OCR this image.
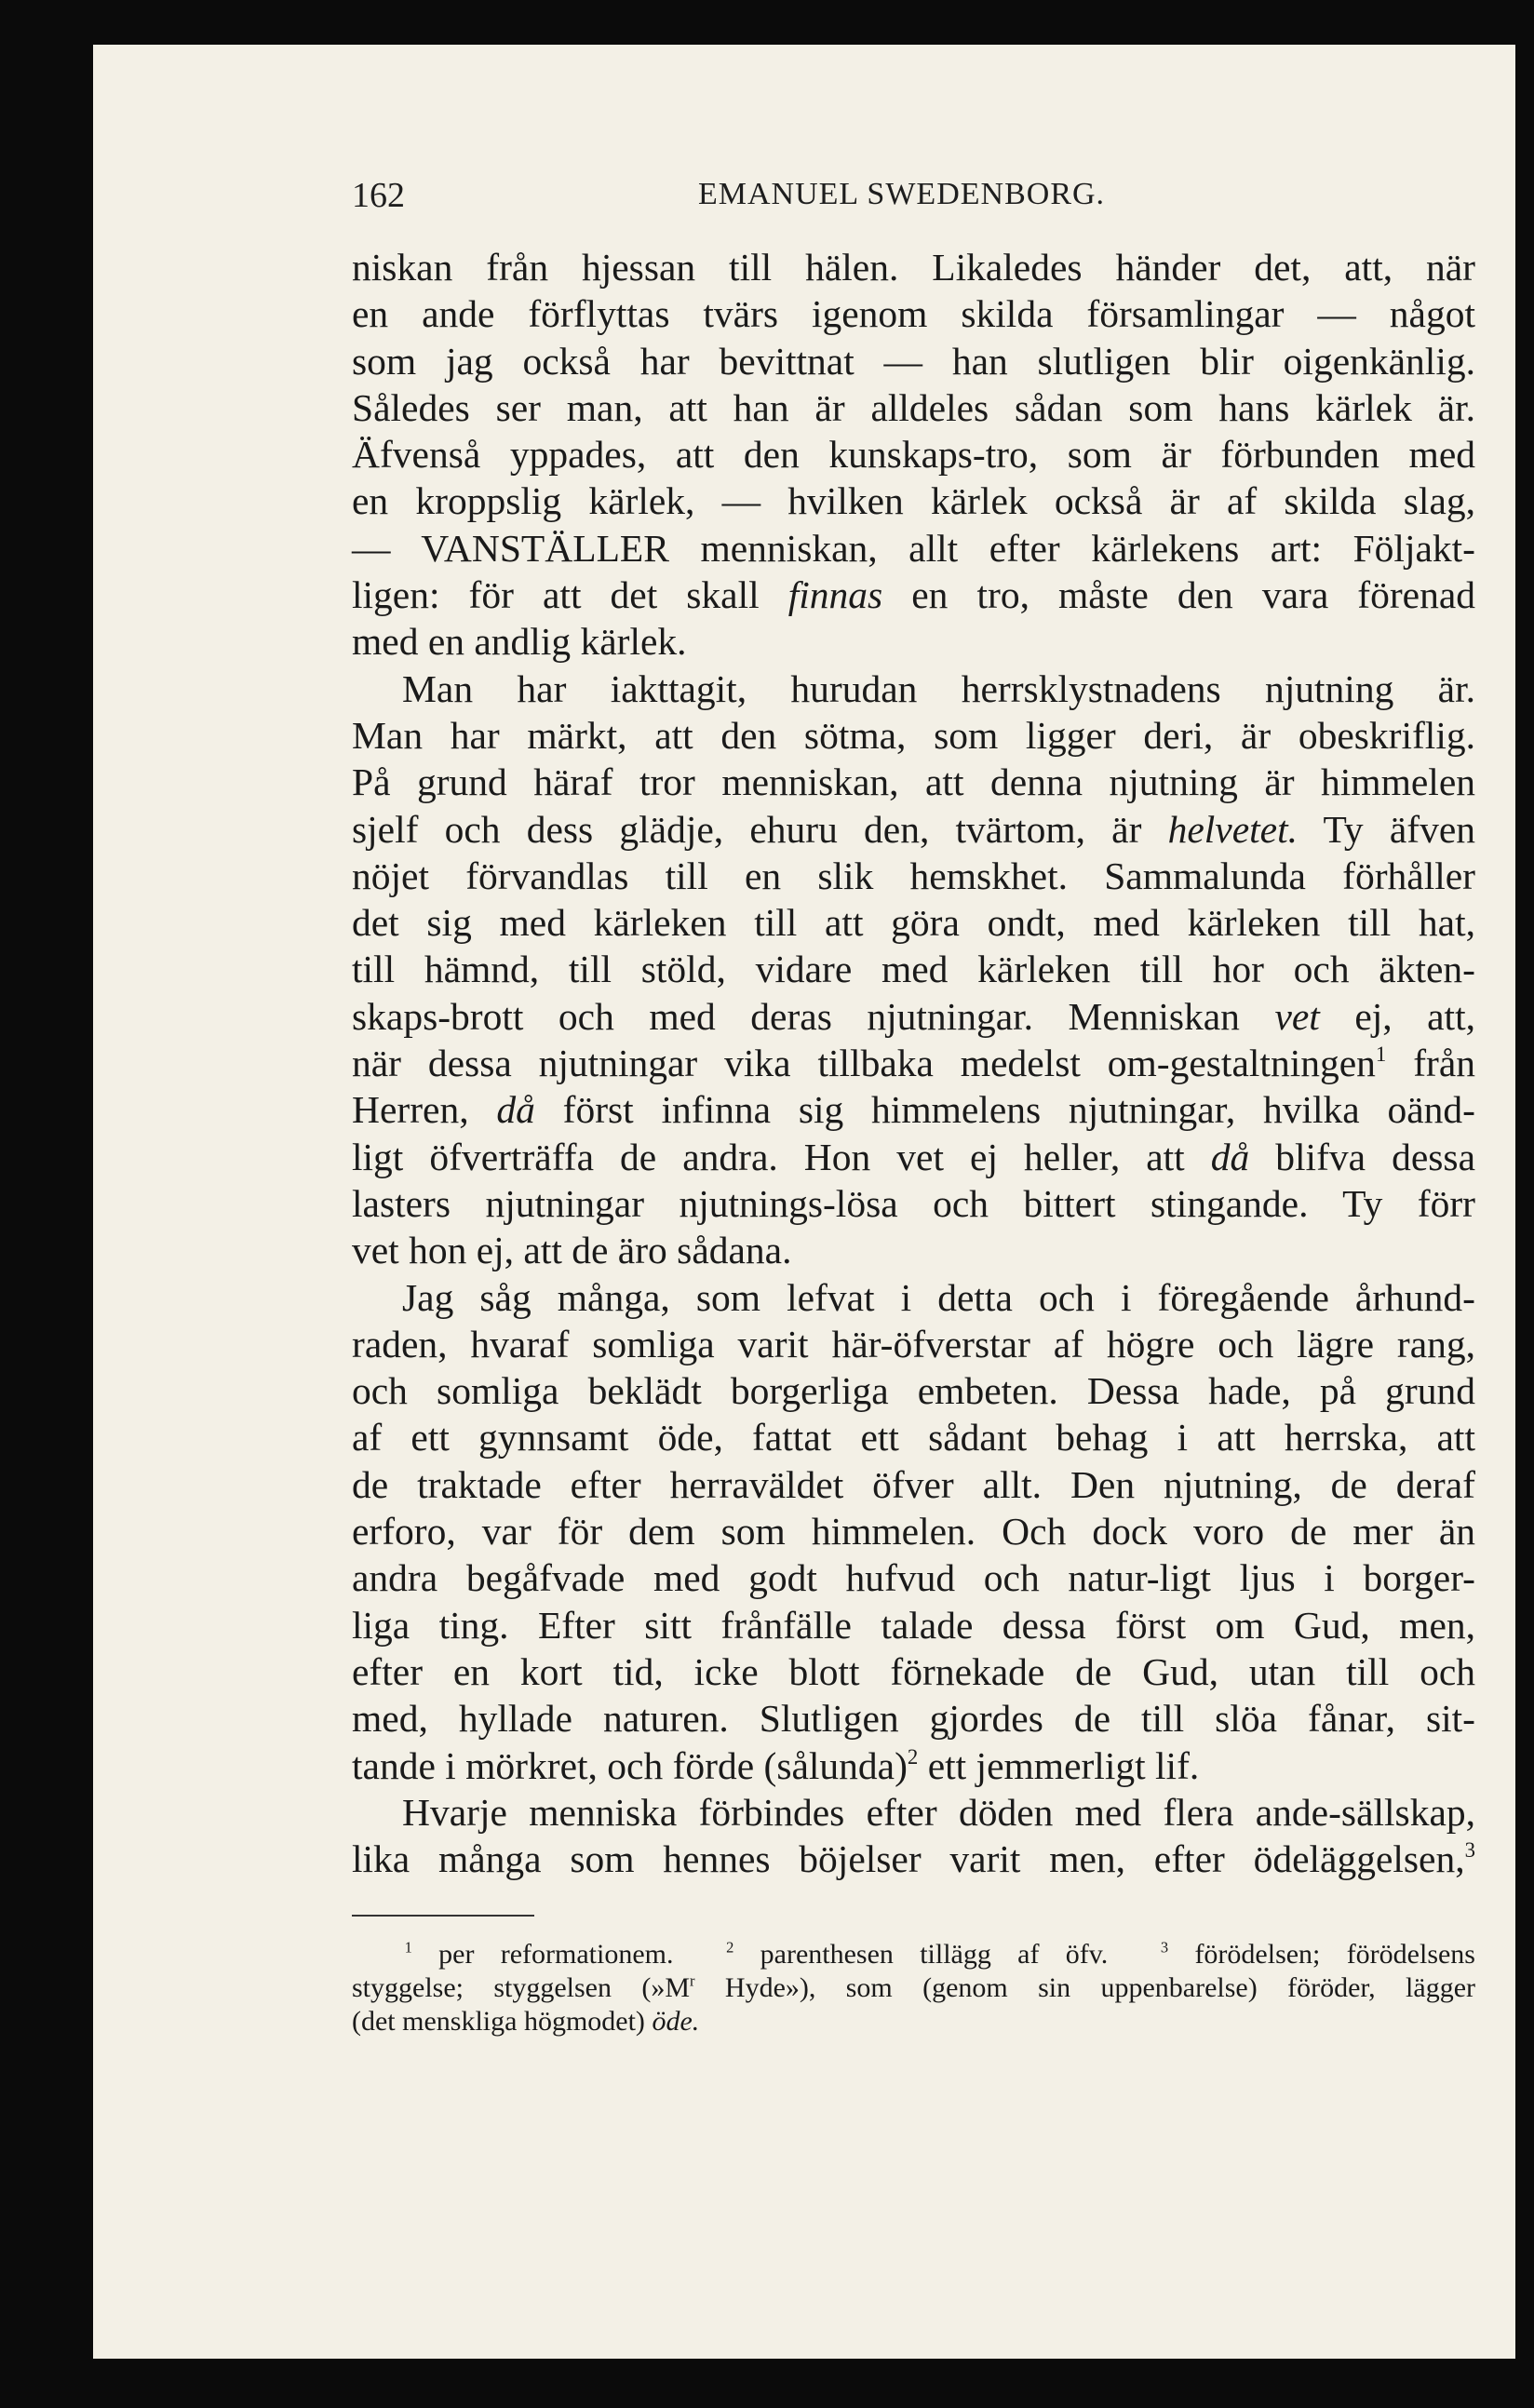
162	EMANUEL SWEDENBORG.
niskan från hjessan till hälen. Likaledes händer det, att, när
en ande förflyttas tvärs igenom skilda församlingar — något
som jag också har bevittnat — han slutligen blir oigenkänlig.
Således ser man, att han är alldeles sådan som hans kärlek är.
Äfvenså yppades, att den kunskaps-tro, som är förbunden med
en kroppslig kärlek, — hvilken kärlek också är af skilda slag,
— VANSTÄLLER menniskan, allt efter kärlekens art: Följakt-
ligen: för att det skall finnas en tro, måste den vara förenad
med en andlig kärlek.
Man har iakttagit, hurudan herrsklystnadens njutning är.
Man har märkt, att den sötma, som ligger deri, är obeskriflig.
På grund häraf tror menniskan, att denna njutning är himmelen
sjelf och dess glädje, ehuru den, tvärtom, är helvetet. Ty äfven
nöjet förvandlas till en slik hemskhet. Sammalunda förhåller
det sig med kärleken till att göra ondt, med kärleken till hat,
till hämnd, till stöld, vidare med kärleken till hor och äkten-
skaps-brott och med deras njutningar. Menniskan vet ej, att,
när dessa njutningar vika tillbaka medelst om-gestaltningen$^1$ från
Herren, då först infinna sig himmelens njutningar, hvilka oänd-
ligt öfverträffa de andra. Hon vet ej heller, att då blifva dessa
lasters njutningar njutnings-lösa och bittert stingande. Ty förr
vet hon ej, att de äro sådana.
Jag såg många, som lefvat i detta och i föregående århund-
raden, hvaraf somliga varit här-öfverstar af högre och lägre rang,
och somliga beklädt borgerliga embeten. Dessa hade, på grund
af ett gynnsamt öde, fattat ett sådant behag i att herrska, att
de traktade efter herraväldet öfver allt. Den njutning, de deraf
erforo, var för dem som himmelen. Och dock voro de mer än
andra begåfvade med godt hufvud och natur-ligt ljus i borger-
liga ting. Efter sitt frånfälle talade dessa först om Gud, men,
efter en kort tid, icke blott förnekade de Gud, utan till och
med, hyllade naturen. Slutligen gjordes de till slöa fånar, sit-
tande i mörkret, och förde (sålunda)$^2$ ett jemmerligt lif.
Hvarje menniska förbindes efter döden med flera ande-sällskap,
lika många som hennes böjelser varit men, efter ödeläggelsen,$^3$
$^1$ per reformationem.	$^2$ parenthesen tillägg af öfv.	$^3$ förödelsen; förödelsens
styggelse; styggelsen ($»M^r$ Hyde»), som (genom sin uppenbarelse) föröder, lägger
(det menskliga högmodet) öde.
